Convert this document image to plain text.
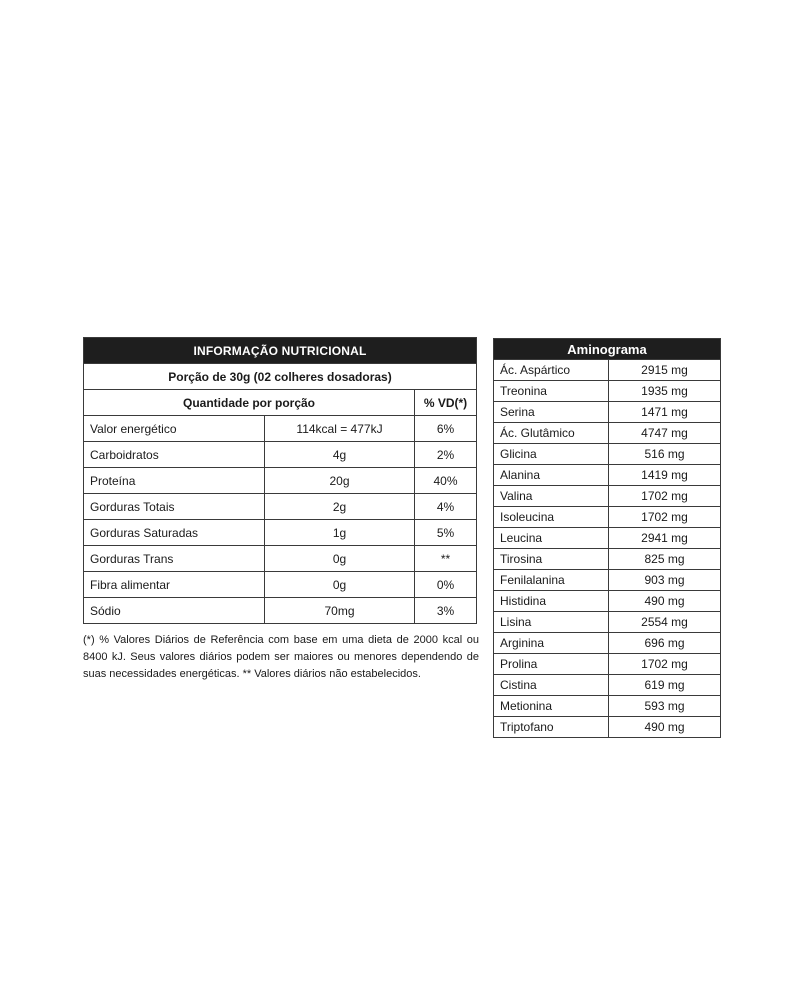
INFORMAÇÃO NUTRICIONAL		
Porção de 30g (02 colheres dosadoras)		
Quantidade por porção		% VD(*)
Valor energético	114kcal = 477kJ	6%
Carboidratos	4g	2%
Proteína	20g	40%
Gorduras Totais	2g	4%
Gorduras Saturadas	1g	5%
Gorduras Trans	0g	**
Fibra alimentar	0g	0%
Sódio	70mg	3%

(*) % Valores Diários de Referência com base em uma dieta de 2000 kcal ou 8400 kJ. Seus valores diários podem ser maiores ou menores dependendo de suas necessidades energéticas. ** Valores diários não estabelecidos.

Aminograma	
Ác. Aspártico	2915 mg
Treonina	1935 mg
Serina	1471 mg
Ác. Glutâmico	4747 mg
Glicina	516 mg
Alanina	1419 mg
Valina	1702 mg
Isoleucina	1702 mg
Leucina	2941 mg
Tirosina	825 mg
Fenilalanina	903 mg
Histidina	490 mg
Lisina	2554 mg
Arginina	696 mg
Prolina	1702 mg
Cistina	619 mg
Metionina	593 mg
Triptofano	490 mg
